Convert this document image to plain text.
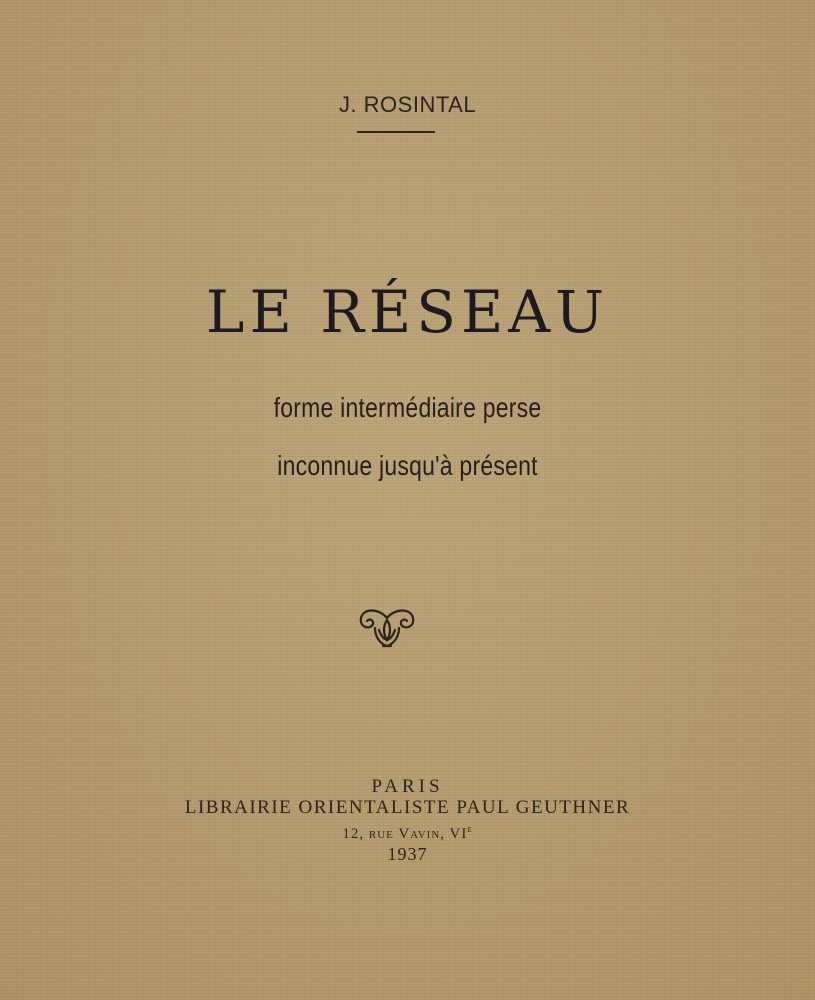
J. ROSINTAL
LE RÉSEAU
forme intermédiaire perse
inconnue jusqu'à présent
PARIS
LIBRAIRIE ORIENTALISTE PAUL GEUTHNER
12, rue Vavin, VIe
1937
